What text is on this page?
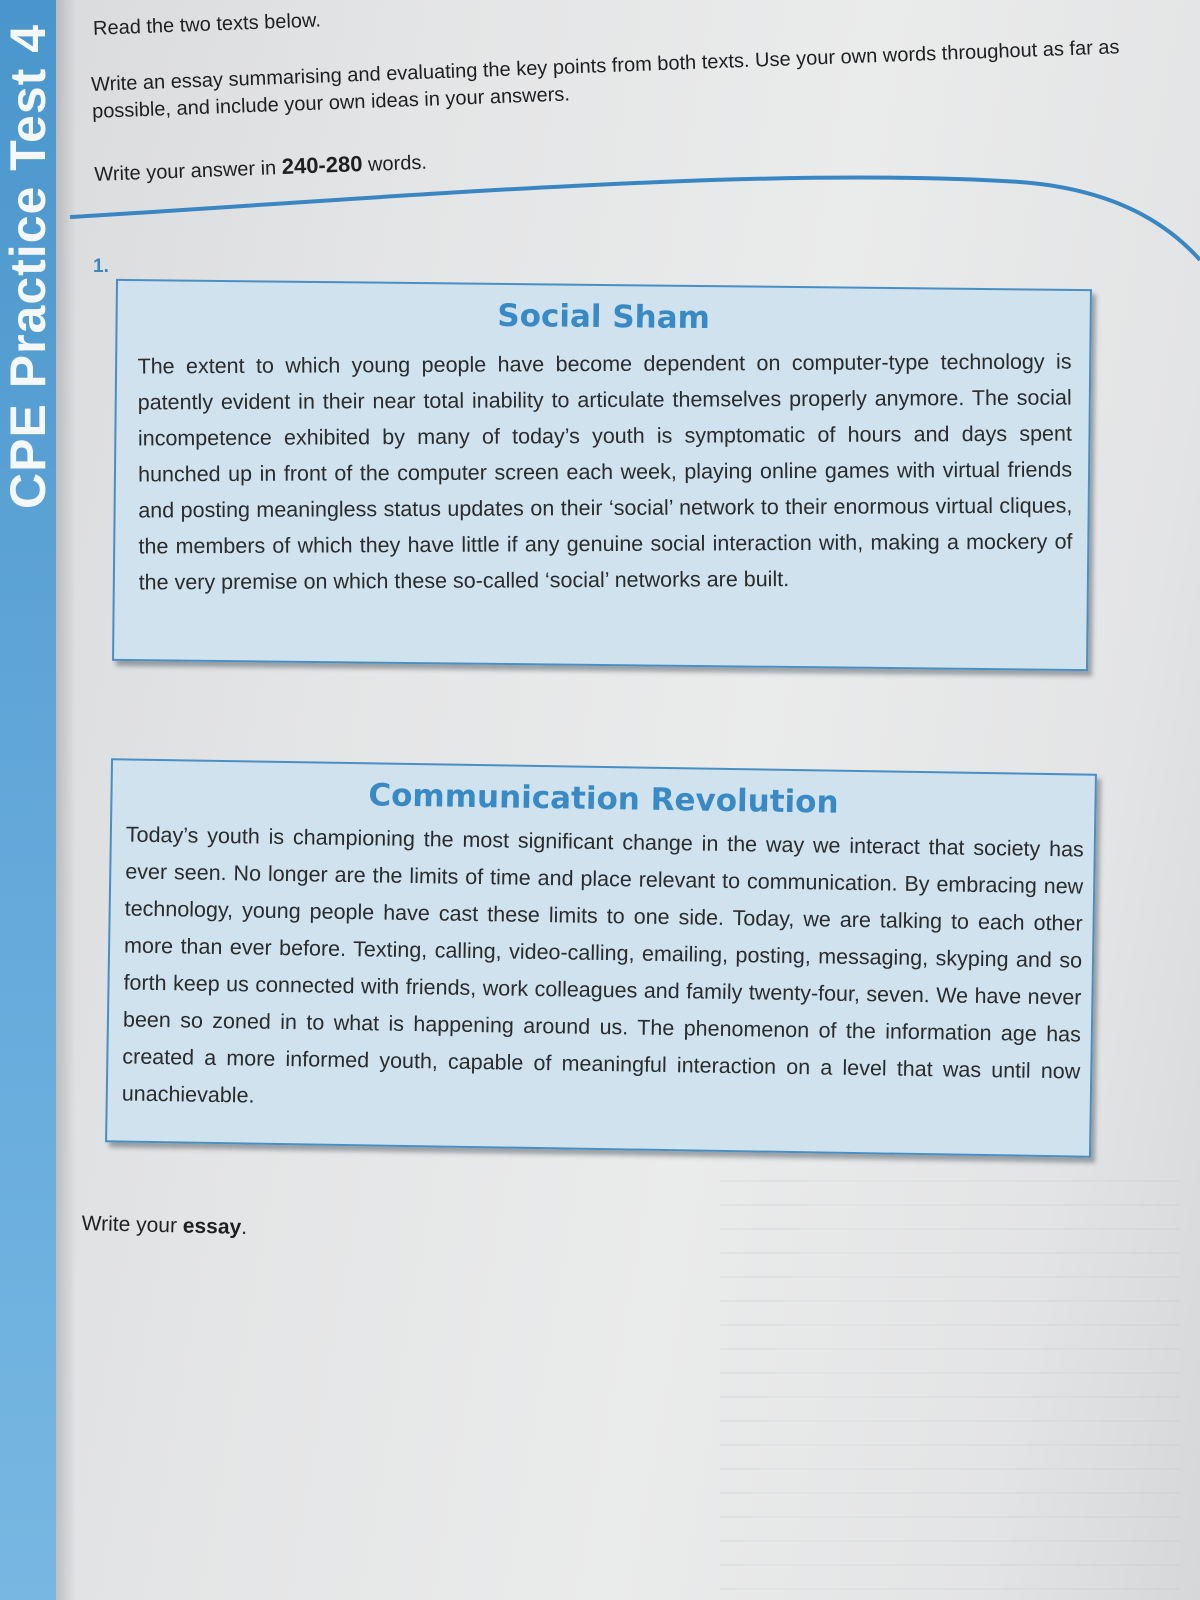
CPE Practice Test 4 Read the two texts below.

Write an essay summarising and evaluating the key points from both texts. Use your own words throughout as far as possible, and include your own ideas in your answers.

Write your answer in 240-280 words.

1.
Social Sham

The extent to which young people have become dependent on computer-type technology is patently evident in their near total inability to articulate themselves properly anymore. The social incompetence exhibited by many of today’s youth is symptomatic of hours and days spent hunched up in front of the computer screen each week, playing online games with virtual friends and posting meaningless status updates on their ‘social’ network to their enormous virtual cliques, the members of which they have little if any genuine social interaction with, making a mockery of the very premise on which these so-called ‘social’ networks are built.

Communication Revolution

Today’s youth is championing the most significant change in the way we interact that society has ever seen. No longer are the limits of time and place relevant to communication. By embracing new technology, young people have cast these limits to one side. Today, we are talking to each other more than ever before. Texting, calling, video-calling, emailing, posting, messaging, skyping and so forth keep us connected with friends, work colleagues and family twenty-four, seven. We have never been so zoned in to what is happening around us. The phenomenon of the information age has created a more informed youth, capable of meaningful interaction on a level that was until now unachievable.

Write your essay.
